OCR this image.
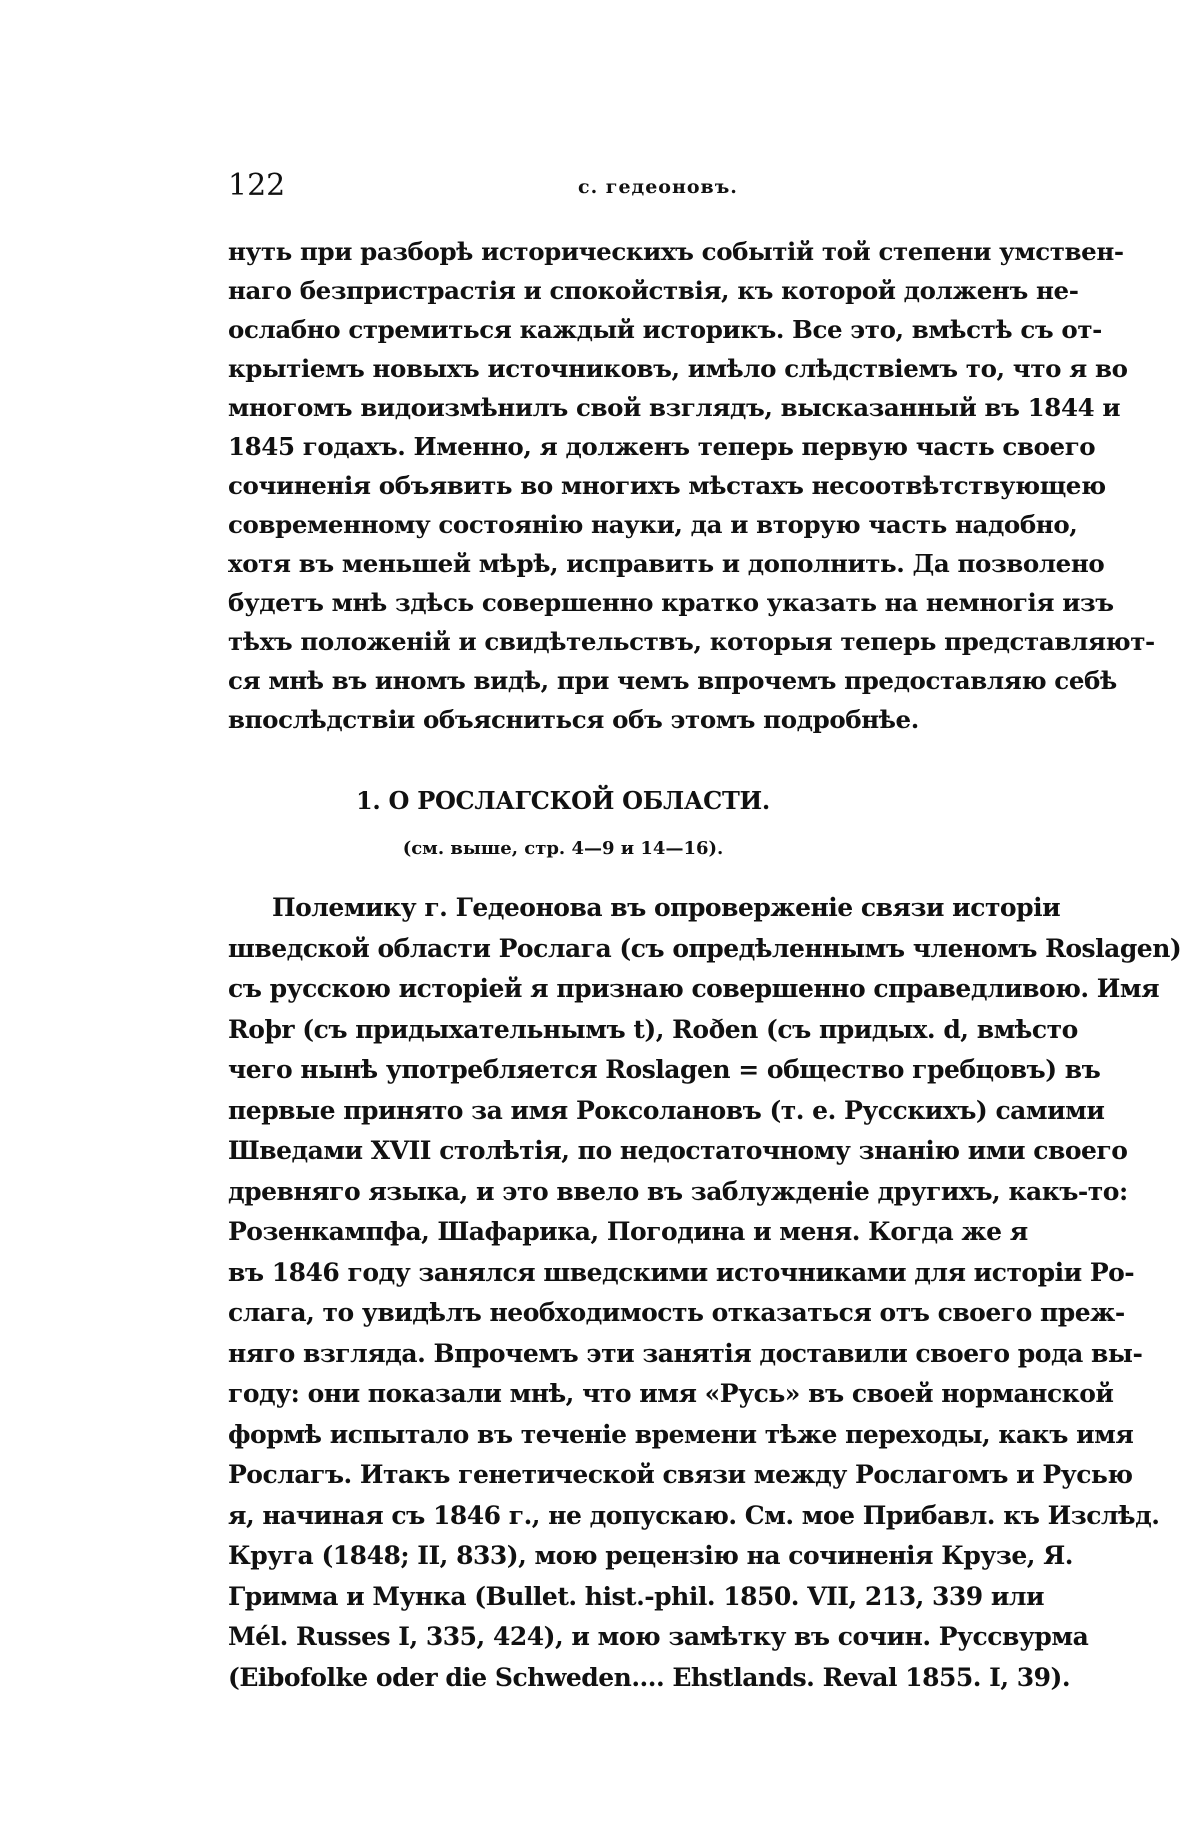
122	с. гедеоновъ.
нуть при разборѣ историческихъ событій той степени умствен-
наго безпристрастія и спокойствія, къ которой долженъ не-
ослабно стремиться каждый историкъ. Все это, вмѣстѣ съ от-
крытіемъ новыхъ источниковъ, имѣло слѣдствіемъ то, что я во
многомъ видоизмѣнилъ свой взглядъ, высказанный въ 1844 и
1845 годахъ. Именно, я долженъ теперь первую часть своего
сочиненія объявить во многихъ мѣстахъ несоотвѣтствующею
современному состоянію науки, да и вторую часть надобно,
хотя въ меньшей мѣрѣ, исправить и дополнить. Да позволено
будетъ мнѣ здѣсь совершенно кратко указать на немногія изъ
тѣхъ положеній и свидѣтельствъ, которыя теперь представляют-
ся мнѣ въ иномъ видѣ, при чемъ впрочемъ предоставляю себѣ
впослѣдствіи объясниться объ этомъ подробнѣе.
1. О РОСЛАГСКОЙ ОБЛАСТИ.
(см. выше, стр. 4—9 и 14—16).
Полемику г. Гедеонова въ опроверженіе связи исторіи
шведской области Рослага (съ опредѣленнымъ членомъ Roslagen)
съ русскою исторіей я признаю совершенно справедливою. Имя
Roþr (съ придыхательнымъ t), Roðen (съ придых. d, вмѣсто
чего нынѣ употребляется Roslagen = общество гребцовъ) въ
первые принято за имя Роксолановъ (т. е. Русскихъ) самими
Шведами XVII столѣтія, по недостаточному знанію ими своего
древняго языка, и это ввело въ заблужденіе другихъ, какъ-то:
Розенкампфа, Шафарика, Погодина и меня. Когда же я
въ 1846 году занялся шведскими источниками для исторіи Ро-
слага, то увидѣлъ необходимость отказаться отъ своего преж-
няго взгляда. Впрочемъ эти занятія доставили своего рода вы-
году: они показали мнѣ, что имя «Русь» въ своей норманской
формѣ испытало въ теченіе времени тѣже переходы, какъ имя
Рослагъ. Итакъ генетической связи между Рослагомъ и Русью
я, начиная съ 1846 г., не допускаю. См. мое Прибавл. къ Изслѣд.
Круга (1848; II, 833), мою рецензію на сочиненія Крузе, Я.
Гримма и Мунка (Bullet. hist.-phil. 1850. VII, 213, 339 или
Mél. Russes I, 335, 424), и мою замѣтку въ сочин. Руссвурма
(Eibofolke oder die Schweden.... Ehstlands. Reval 1855. I, 39).
